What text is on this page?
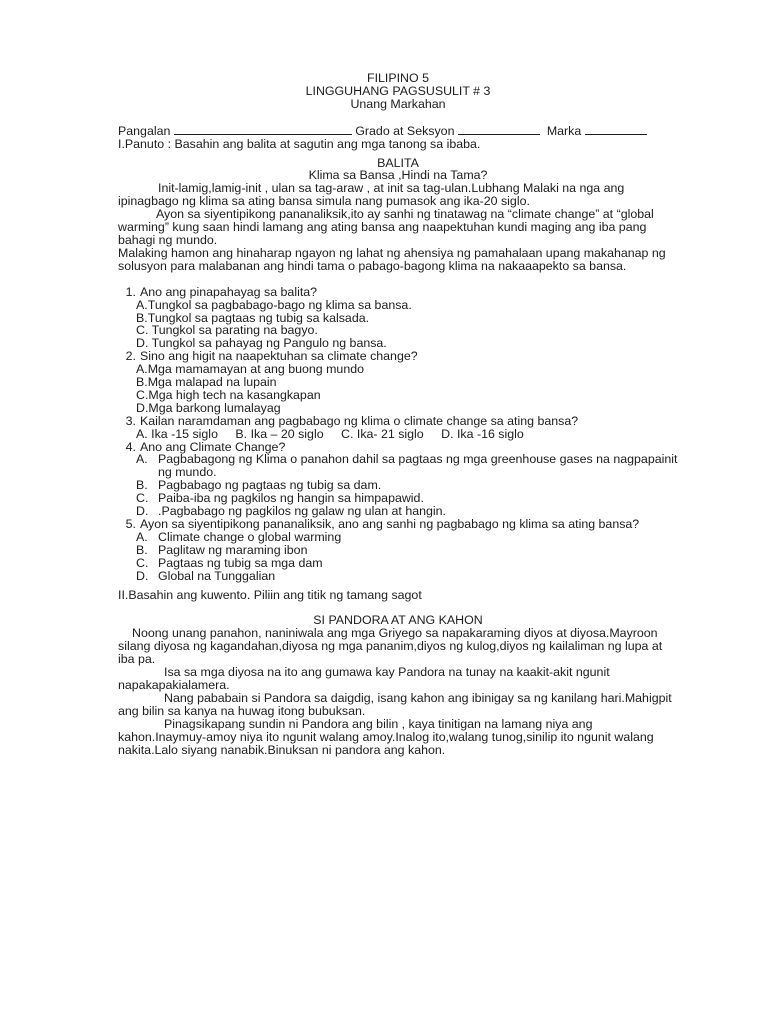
FILIPINO 5
LINGGUHANG PAGSUSULIT # 3
Unang Markahan
Pangalan	Grado at Seksyon	Marka
I.Panuto : Basahin ang balita at sagutin ang mga tanong sa ibaba.
BALITA
Klima sa Bansa ,Hindi na Tama?
Init-lamig,lamig-init , ulan sa tag-araw , at init sa tag-ulan.Lubhang Malaki na nga ang ipinagbago ng klima sa ating bansa simula nang pumasok ang ika-20 siglo.
Ayon sa siyentipikong pananaliksik,ito ay sanhi ng tinatawag na “climate change” at “global warming” kung saan hindi lamang ang ating bansa ang naapektuhan kundi maging ang iba pang bahagi ng mundo.
Malaking hamon ang hinaharap ngayon ng lahat ng ahensiya ng pamahalaan upang makahanap ng solusyon para malabanan ang hindi tama o pabago-bagong klima na nakaaapekto sa bansa.
1. Ano ang pinapahayag sa balita?
A.Tungkol sa pagbabago-bago ng klima sa bansa.
B.Tungkol sa pagtaas ng tubig sa kalsada.
C. Tungkol sa parating na bagyo.
D. Tungkol sa pahayag ng Pangulo ng bansa.
2. Sino ang higit na naapektuhan sa climate change?
A.Mga mamamayan at ang buong mundo
B.Mga malapad na lupain
C.Mga high tech na kasangkapan
D.Mga barkong lumalayag
3. Kailan naramdaman ang pagbabago ng klima o climate change sa ating bansa?
A. Ika -15 siglo B. Ika – 20 siglo C. Ika- 21 siglo D. Ika -16 siglo
4. Ano ang Climate Change?
A. Pagbabagong ng Klima o panahon dahil sa pagtaas ng mga greenhouse gases na nagpapainit ng mundo.
B. Pagbabago ng pagtaas ng tubig sa dam.
C. Paiba-iba ng pagkilos ng hangin sa himpapawid.
D. .Pagbabago ng pagkilos ng galaw ng ulan at hangin.
5. Ayon sa siyentipikong pananaliksik, ano ang sanhi ng pagbabago ng klima sa ating bansa?
A. Climate change o global warming
B. Paglitaw ng maraming ibon
C. Pagtaas ng tubig sa mga dam
D. Global na Tunggalian
II.Basahin ang kuwento. Piliin ang titik ng tamang sagot
SI PANDORA AT ANG KAHON
Noong unang panahon, naniniwala ang mga Griyego sa napakaraming diyos at diyosa.Mayroon silang diyosa ng kagandahan,diyosa ng mga pananim,diyos ng kulog,diyos ng kailaliman ng lupa at iba pa.
Isa sa mga diyosa na ito ang gumawa kay Pandora na tunay na kaakit-akit ngunit napakapakialamera.
Nang pababain si Pandora sa daigdig, isang kahon ang ibinigay sa ng kanilang hari.Mahigpit ang bilin sa kanya na huwag itong bubuksan.
Pinagsikapang sundin ni Pandora ang bilin , kaya tinitigan na lamang niya ang kahon.Inaymuy-amoy niya ito ngunit walang amoy.Inalog ito,walang tunog,sinilip ito ngunit walang nakita.Lalo siyang nanabik.Binuksan ni pandora ang kahon.
